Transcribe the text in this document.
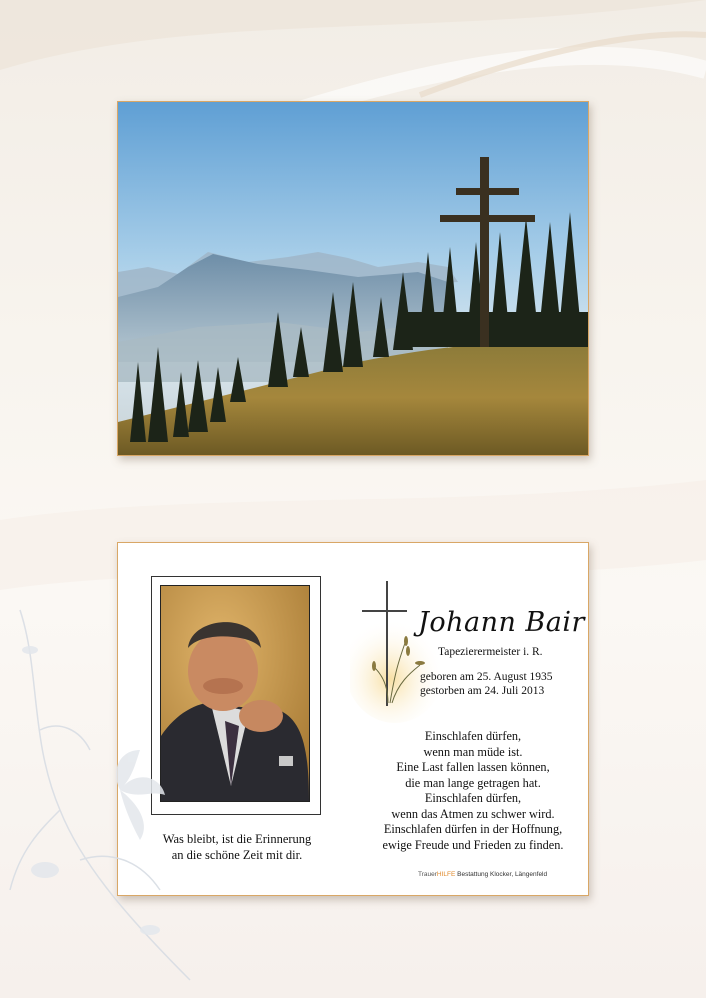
Was bleibt, ist die Erinnerung
an die schöne Zeit mit dir.
Johann Bair
Tapezierermeister i. R.
geboren am 25. August 1935
gestorben am 24. Juli 2013
Einschlafen dürfen,
wenn man müde ist.
Eine Last fallen lassen können,
die man lange getragen hat.
Einschlafen dürfen,
wenn das Atmen zu schwer wird.
Einschlafen dürfen in der Hoffnung,
ewige Freude und Frieden zu finden.
TrauerHILFE Bestattung Klocker, Längenfeld
